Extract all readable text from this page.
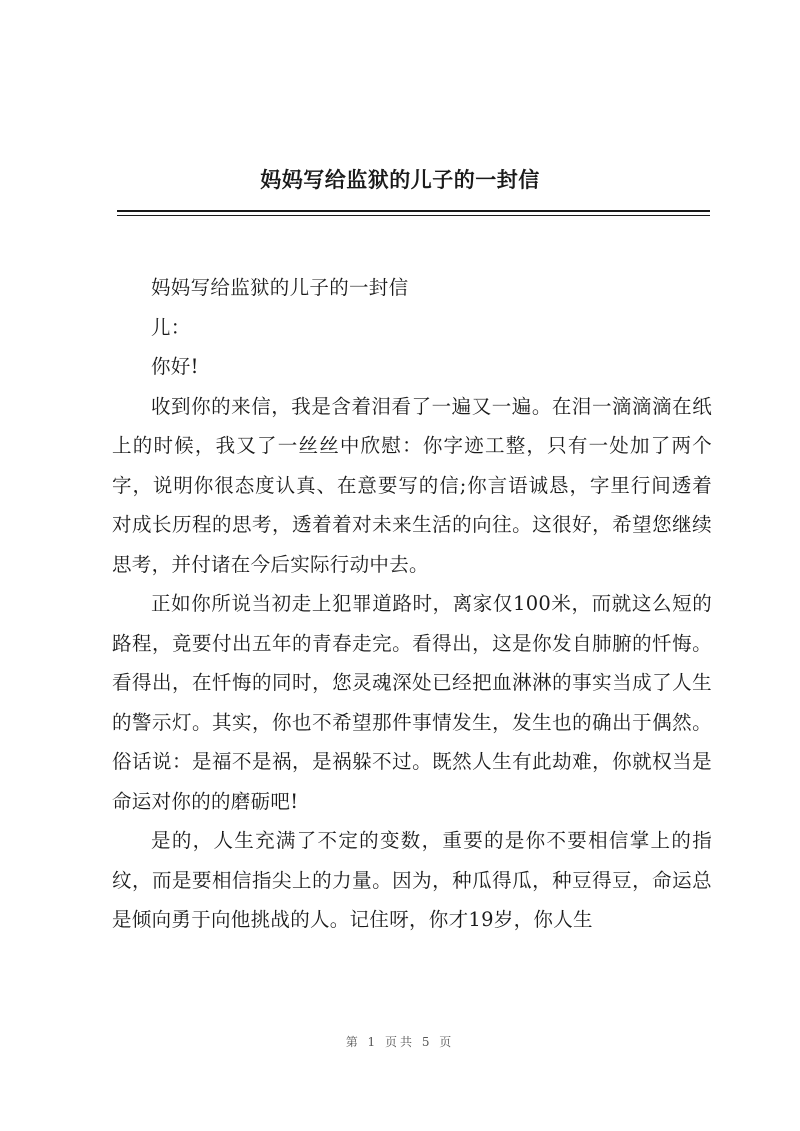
妈妈写给监狱的儿子的一封信

妈妈写给监狱的儿子的一封信

儿：

你好!

收到你的来信，我是含着泪看了一遍又一遍。在泪一滴滴滴在纸上的时候，我又了一丝丝中欣慰：你字迹工整，只有一处加了两个字，说明你很态度认真、在意要写的信;你言语诚恳，字里行间透着对成长历程的思考，透着着对未来生活的向往。这很好，希望您继续思考，并付诸在今后实际行动中去。

正如你所说当初走上犯罪道路时，离家仅100米，而就这么短的路程，竟要付出五年的青春走完。看得出，这是你发自肺腑的忏悔。看得出，在忏悔的同时，您灵魂深处已经把血淋淋的事实当成了人生的警示灯。其实，你也不希望那件事情发生，发生也的确出于偶然。俗话说：是福不是祸，是祸躲不过。既然人生有此劫难，你就权当是命运对你的的磨砺吧!

是的，人生充满了不定的变数，重要的是你不要相信掌上的指纹，而是要相信指尖上的力量。因为，种瓜得瓜，种豆得豆，命运总是倾向勇于向他挑战的人。记住呀，你才19岁，你人生

第 1 页共 5 页
